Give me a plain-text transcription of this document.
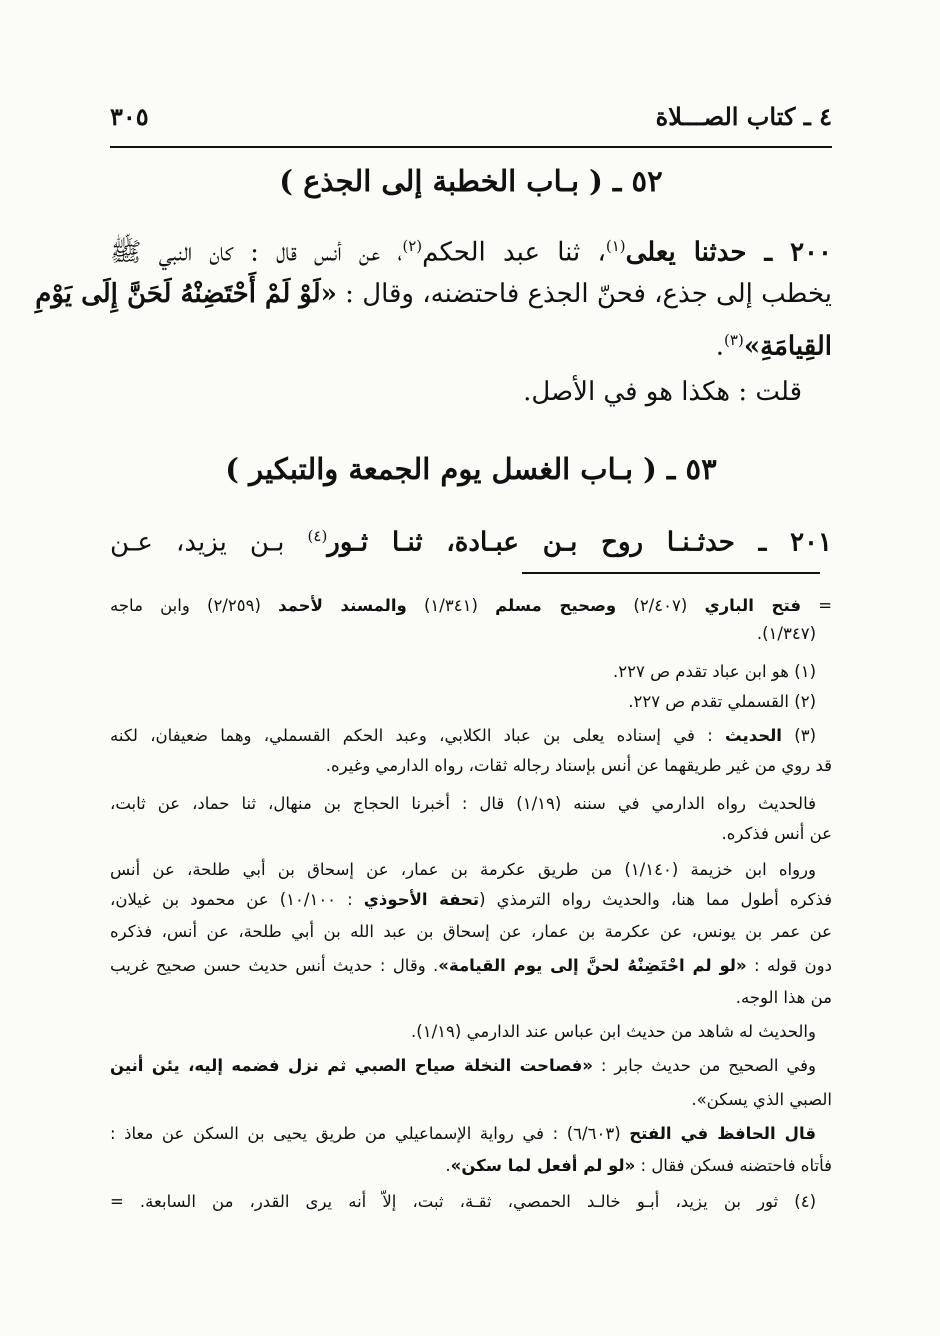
٤ ـ كتاب الصـــلاة
٣٠٥
٥٢ ـ ( بـاب الخطبة إلى الجذع )
٢٠٠ ـ حدثنا يعلى$^{(١)}$، ثنا عبد الحكم$^{(٢)}$، عن أنس قال : كان النبي ﷺ
يخطب إلى جذع، فحنّ الجذع فاحتضنه، وقال : «لَوْ لَمْ أَحْتَضِنْهُ لَحَنَّ إِلَى يَوْمِ
القِيامَةِ»$^{(٣)}$.
قلت : هكذا هو في الأصل.
٥٣ ـ ( بـاب الغسل يوم الجمعة والتبكير )
٢٠١ ـ حدثـنـا روح بـن عبـادة، ثنـا ثـور$^{(٤)}$ بـن يزيد، عـن
= فتح الباري (٢/٤٠٧) وصحيح مسلم (١/٣٤١) والمسند لأحمد (٢/٢٥٩) وابن ماجه
(١/٣٤٧).
(١) هو ابن عباد تقدم ص ٢٢٧.
(٢) القسملي تقدم ص ٢٢٧.
(٣) الحديث : في إسناده يعلى بن عباد الكلابي، وعبد الحكم القسملي، وهما ضعيفان، لكنه
قد روي من غير طريقهما عن أنس بإسناد رجاله ثقات، رواه الدارمي وغيره.
فالحديث رواه الدارمي في سننه (١/١٩) قال : أخبرنا الحجاج بن منهال، ثنا حماد، عن ثابت،
عن أنس فذكره.
ورواه ابن خزيمة (١/١٤٠) من طريق عكرمة بن عمار، عن إسحاق بن أبي طلحة، عن أنس
فذكره أطول مما هنا، والحديث رواه الترمذي (تحفة الأحوذي : ١٠/١٠٠) عن محمود بن غيلان،
عن عمر بن يونس، عن عكرمة بن عمار، عن إسحاق بن عبد الله بن أبي طلحة، عن أنس، فذكره
دون قوله : «لو لم احْتَضِنْهُ لحنَّ إلى يوم القيامة». وقال : حديث أنس حديث حسن صحيح غريب
من هذا الوجه.
والحديث له شاهد من حديث ابن عباس عند الدارمي (١/١٩).
وفي الصحيح من حديث جابر : «فصاحت النخلة صياح الصبي ثم نزل فضمه إليه، يئن أنين
الصبي الذي يسكن».
قال الحافظ في الفتح (٦/٦٠٣) : في رواية الإسماعيلي من طريق يحيى بن السكن عن معاذ :
فأتاه فاحتضنه فسكن فقال : «لو لم أفعل لما سكن».
(٤) ثور بن يزيد، أبـو خالـد الحمصي، ثقـة، ثبت، إلاّ أنه يرى القدر، من السابعة. =
